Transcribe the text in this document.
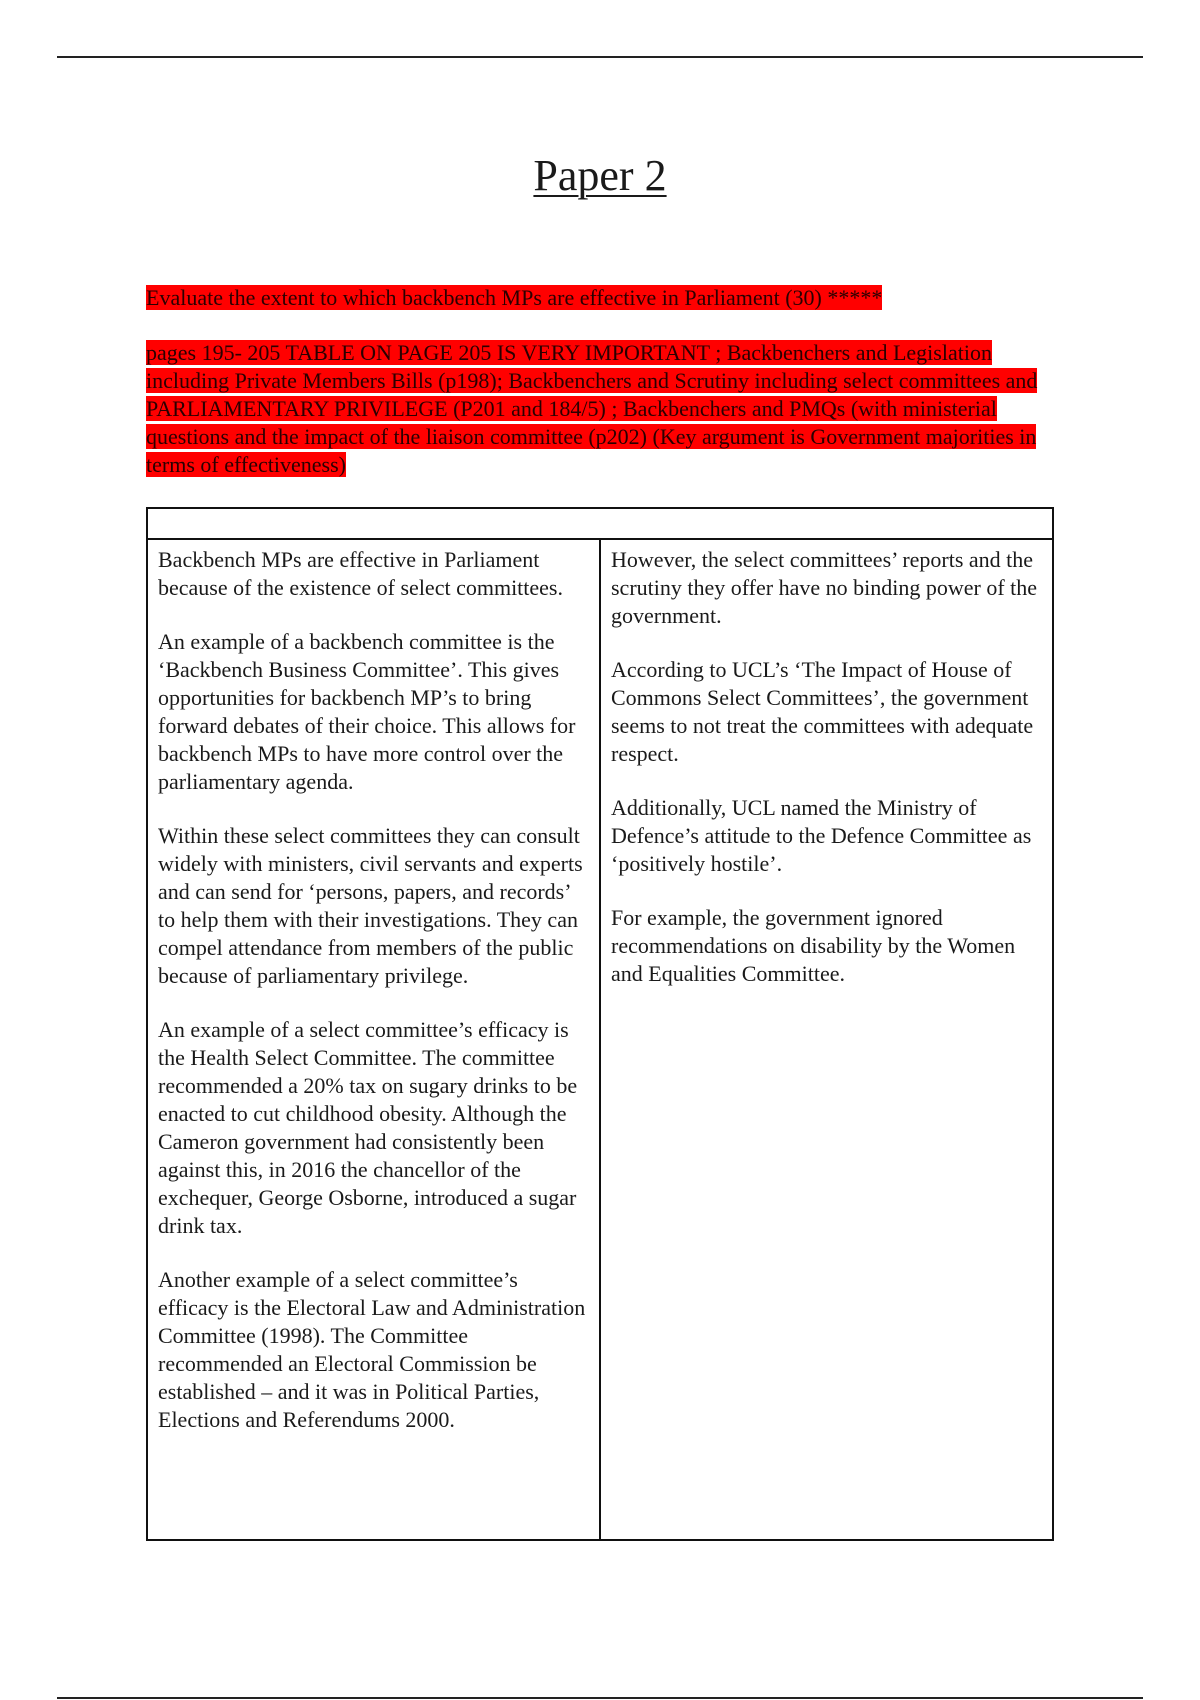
Paper 2
Evaluate the extent to which backbench MPs are effective in Parliament (30) *****
pages 195- 205 TABLE ON PAGE 205 IS VERY IMPORTANT ; Backbenchers and Legislation including Private Members Bills (p198); Backbenchers and Scrutiny including select committees and PARLIAMENTARY PRIVILEGE (P201 and 184/5) ; Backbenchers and PMQs (with ministerial questions and the impact of the liaison committee (p202) (Key argument is Government majorities in terms of effectiveness)

Backbench MPs are effective in Parliament because of the existence of select committees.

An example of a backbench committee is the ‘Backbench Business Committee’. This gives opportunities for backbench MP’s to bring forward debates of their choice. This allows for backbench MPs to have more control over the parliamentary agenda.

Within these select committees they can consult widely with ministers, civil servants and experts and can send for ‘persons, papers, and records’ to help them with their investigations. They can compel attendance from members of the public because of parliamentary privilege.

An example of a select committee’s efficacy is the Health Select Committee. The committee recommended a 20% tax on sugary drinks to be enacted to cut childhood obesity. Although the Cameron government had consistently been against this, in 2016 the chancellor of the exchequer, George Osborne, introduced a sugar drink tax.

Another example of a select committee’s efficacy is the Electoral Law and Administration Committee (1998). The Committee recommended an Electoral Commission be established – and it was in Political Parties, Elections and Referendums 2000.

However, the select committees’ reports and the scrutiny they offer have no binding power of the government.

According to UCL’s ‘The Impact of House of Commons Select Committees’, the government seems to not treat the committees with adequate respect.

Additionally, UCL named the Ministry of Defence’s attitude to the Defence Committee as ‘positively hostile’.

For example, the government ignored recommendations on disability by the Women and Equalities Committee.
